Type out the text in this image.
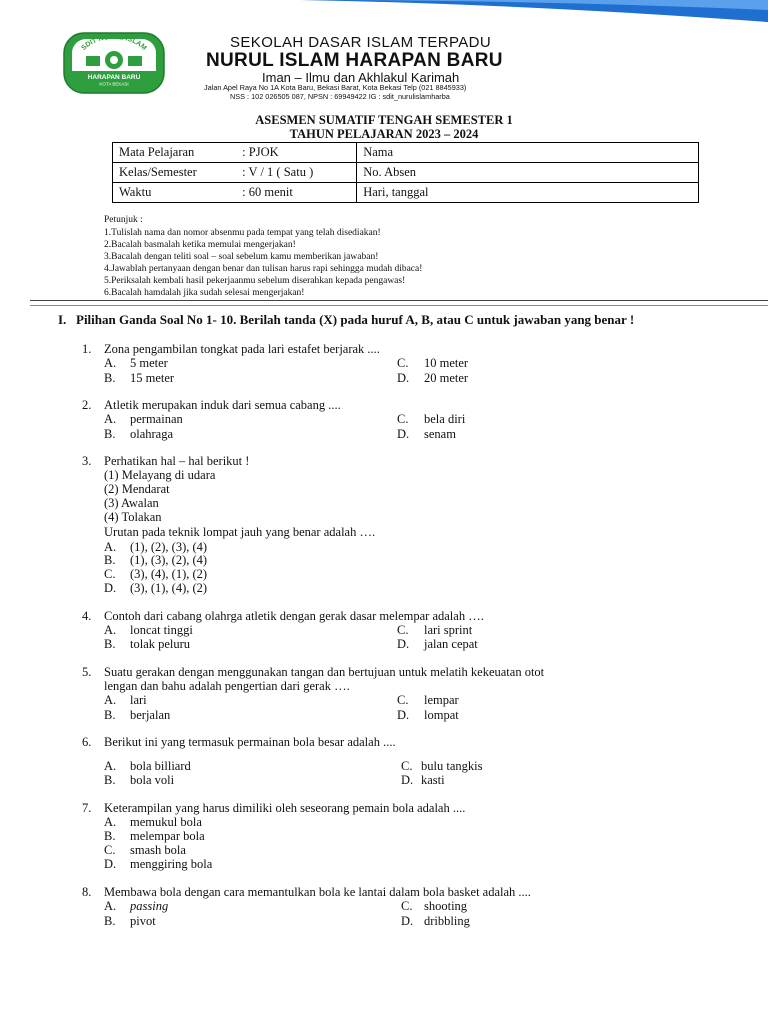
SDIT NURUL ISLAM
HARAPAN BARU
KOTA BEKASI
SEKOLAH DASAR ISLAM TERPADU
NURUL ISLAM HARAPAN BARU
Iman – Ilmu dan Akhlakul Karimah
Jalan Apel Raya No 1A Kota Baru, Bekasi Barat, Kota Bekasi Telp (021 8845933)
NSS : 102 026505 087, NPSN : 69949422 IG : sdit_nurulislamharba
ASESMEN SUMATIF TENGAH SEMESTER 1
TAHUN PELAJARAN 2023 – 2024
Mata Pelajaran	: PJOK	Nama
Kelas/Semester	: V / 1 ( Satu )	No. Absen
Waktu	: 60 menit	Hari, tanggal
Petunjuk :
1.Tulislah nama dan nomor absenmu pada tempat yang telah disediakan!
2.Bacalah basmalah ketika memulai mengerjakan!
3.Bacalah dengan teliti soal – soal sebelum kamu memberikan jawaban!
4.Jawablah pertanyaan dengan benar dan tulisan harus rapi sehingga mudah dibaca!
5.Periksalah kembali hasil pekerjaanmu sebelum diserahkan kepada pengawas!
6.Bacalah hamdalah jika sudah selesai mengerjakan!
I. Pilihan Ganda Soal No 1- 10. Berilah tanda (X) pada huruf A, B, atau C untuk jawaban yang benar !
1. Zona pengambilan tongkat pada lari estafet berjarak ....
A. 5 meter	C. 10 meter
B. 15 meter	D. 20 meter
2. Atletik merupakan induk dari semua cabang ....
A. permainan	C. bela diri
B. olahraga	D. senam
3. Perhatikan hal – hal berikut !
(1) Melayang di udara
(2) Mendarat
(3) Awalan
(4) Tolakan
Urutan pada teknik lompat jauh yang benar adalah ….
A. (1), (2), (3), (4)
B. (1), (3), (2), (4)
C. (3), (4), (1), (2)
D. (3), (1), (4), (2)
4. Contoh dari cabang olahrga atletik dengan gerak dasar melempar adalah ….
A. loncat tinggi	C. lari sprint
B. tolak peluru	D. jalan cepat
5. Suatu gerakan dengan menggunakan tangan dan bertujuan untuk melatih kekeuatan otot
lengan dan bahu adalah pengertian dari gerak ….
A. lari	C. lempar
B. berjalan	D. lompat
6. Berikut ini yang termasuk permainan bola besar adalah ....
A. bola billiard	C. bulu tangkis
B. bola voli	D. kasti
7. Keterampilan yang harus dimiliki oleh seseorang pemain bola adalah ....
A. memukul bola
B. melempar bola
C. smash bola
D. menggiring bola
8. Membawa bola dengan cara memantulkan bola ke lantai dalam bola basket adalah ....
A. passing	C. shooting
B. pivot	D. dribbling
